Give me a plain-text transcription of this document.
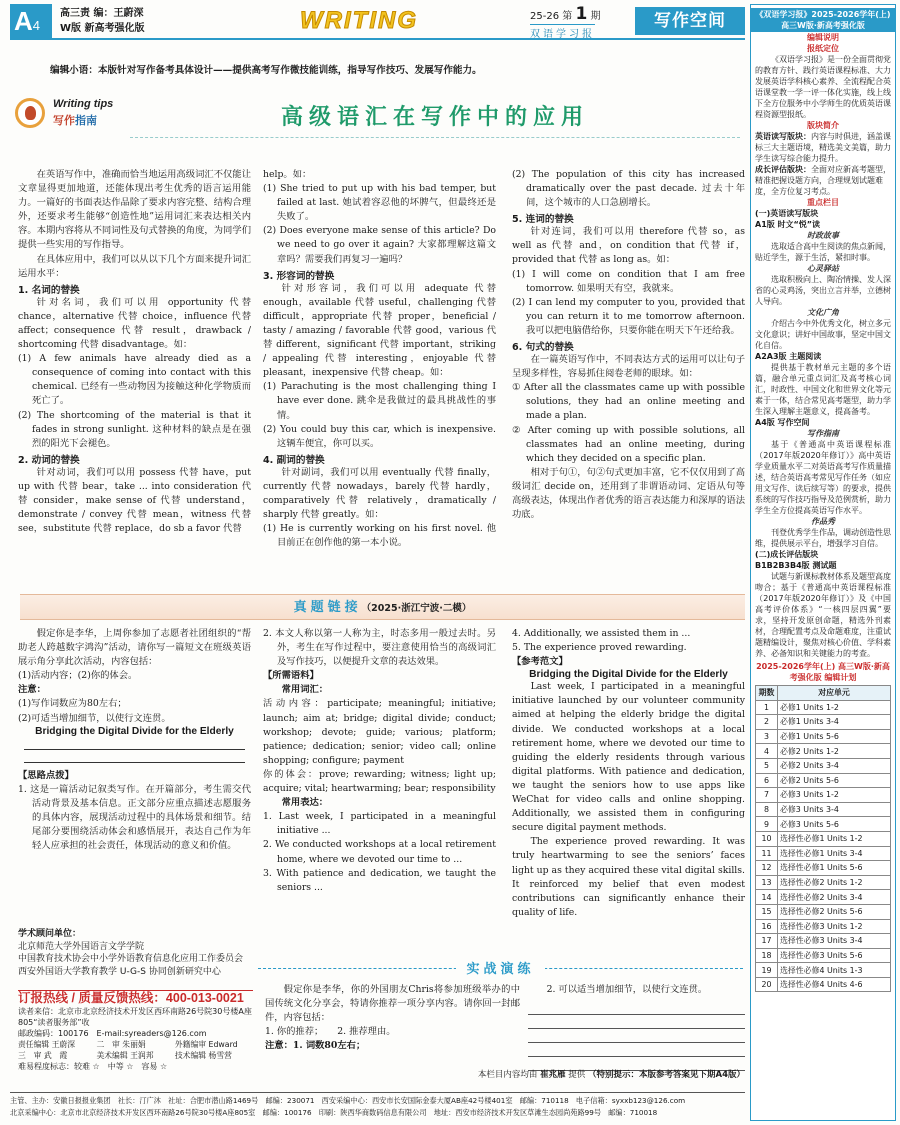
A4
高三责 编：王蔚深
W版 新高考强化版	WRITING	25-26 第 1 期
双语学习报
写作空间
编辑小语：本版针对写作备考具体设计——提供高考写作微技能训练，指导写作技巧、发展写作能力。
Writing tips
写作指南	高级语汇在写作中的应用

在英语写作中，准确而恰当地运用高级词汇不仅能让文章显得更加地道，还能体现出考生优秀的语言运用能力。一篇好的书面表达作品除了要求内容完整、结构合理外，还要求考生能够“创造性地”运用词汇来表达相关内容。本期内容将从不同词性及句式替换的角度，为同学们提供一些实用的写作指导。

在具体应用中，我们可以从以下几个方面来提升词汇运用水平：

1. 名词的替换

针对名词，我们可以用 opportunity 代替 chance，alternative 代替 choice，influence 代替 affect；consequence 代替 result，drawback / shortcoming 代替 disadvantage。如：

(1) A few animals have already died as a consequence of coming into contact with this chemical. 已经有一些动物因为接触这种化学物质而死亡了。

(2) The shortcoming of the material is that it fades in strong sunlight. 这种材料的缺点是在强烈的阳光下会褪色。

2. 动词的替换

针对动词，我们可以用 possess 代替 have，put up with 代替 bear，take ... into consideration 代替 consider，make sense of 代替 understand，demonstrate / convey 代替 mean，witness 代替 see，substitute 代替 replace，do sb a favor 代替

help。如：

(1) She tried to put up with his bad temper, but failed at last. 她试着容忍他的坏脾气，但最终还是失败了。

(2) Does everyone make sense of this article? Do we need to go over it again? 大家都理解这篇文章吗？需要我们再复习一遍吗？

3. 形容词的替换

针对形容词，我们可以用 adequate 代替 enough，available 代替 useful，challenging 代替 difficult，appropriate 代替 proper，beneficial / tasty / amazing / favorable 代替 good，various 代替 different，significant 代替 important，striking / appealing 代替 interesting，enjoyable 代替 pleasant，inexpensive 代替 cheap。如：

(1) Parachuting is the most challenging thing I have ever done. 跳伞是我做过的最具挑战性的事情。

(2) You could buy this car, which is inexpensive. 这辆车便宜，你可以买。

4. 副词的替换

针对副词，我们可以用 eventually 代替 finally，currently 代替 nowadays，barely 代替 hardly，comparatively 代替 relatively，dramatically / sharply 代替 greatly。如：

(1) He is currently working on his first novel. 他目前正在创作他的第一本小说。

(2) The population of this city has increased dramatically over the past decade. 过去十年间，这个城市的人口急剧增长。

5. 连词的替换

针对连词，我们可以用 therefore 代替 so，as well as 代替 and，on condition that 代替 if，provided that 代替 as long as。如：

(1) I will come on condition that I am free tomorrow. 如果明天有空，我就来。

(2) I can lend my computer to you, provided that you can return it to me tomorrow afternoon. 我可以把电脑借给你，只要你能在明天下午还给我。

6. 句式的替换

在一篇英语写作中，不同表达方式的运用可以让句子呈现多样性，容易抓住阅卷老师的眼球。如：

① After all the classmates came up with possible solutions, they had an online meeting and made a plan.

② After coming up with possible solutions, all classmates had an online meeting, during which they decided on a specific plan.

相对于句①，句②句式更加丰富，它不仅仅用到了高级词汇 decide on，还用到了非谓语动词、定语从句等高级表达，体现出作者优秀的语言表达能力和深厚的语法功底。

真题链接（2025·浙江宁波·二模）

假定你是李华，上周你参加了志愿者社团组织的“帮助老人跨越数字鸿沟”活动，请你写一篇短文在班级英语展示角分享此次活动，内容包括：

(1)活动内容；(2)你的体会。

注意：

(1)写作词数应为80左右；

(2)可适当增加细节，以使行文连贯。

Bridging the Digital Divide for the Elderly

【思路点拨】

1. 这是一篇活动记叙类写作。在开篇部分，考生需交代活动背景及基本信息。正文部分应重点描述志愿服务的具体内容，展现活动过程中的具体场景和细节。结尾部分要围绕活动体会和感悟展开，表达自己作为年轻人应承担的社会责任，体现活动的意义和价值。

2. 本文人称以第一人称为主，时态多用一般过去时。另外，考生在写作过程中，要注意使用恰当的高级词汇及写作技巧，以便提升文章的表达效果。

【所需语料】

常用词汇：

活动内容：participate; meaningful; initiative; launch; aim at; bridge; digital divide; conduct; workshop; devote; guide; various; platform; patience; dedication; senior; video call; online shopping; configure; payment

你的体会：prove; rewarding; witness; light up; acquire; vital; heartwarming; bear; responsibility

常用表达：

1. Last week, I participated in a meaningful initiative ...

2. We conducted workshops at a local retirement home, where we devoted our time to ...

3. With patience and dedication, we taught the seniors ...

4. Additionally, we assisted them in ...

5. The experience proved rewarding.

【参考范文】

Bridging the Digital Divide for the Elderly

Last week, I participated in a meaningful initiative launched by our volunteer community aimed at helping the elderly bridge the digital divide. We conducted workshops at a local retirement home, where we devoted our time to guiding the elderly residents through various digital platforms. With patience and dedication, we taught the seniors how to use apps like WeChat for video calls and online shopping. Additionally, we assisted them in configuring secure digital payment methods.

The experience proved rewarding. It was truly heartwarming to see the seniors’ faces light up as they acquired these vital digital skills. It reinforced my belief that even modest contributions can significantly enhance their quality of life.

学术顾问单位：
北京师范大学外国语言文学学院
中国教育技术协会中小学外语教育信息化应用工作委员会
西安外国语大学教育教学 U-G-S 协同创新研究中心
订报热线 / 质量反馈热线：400-013-0021
读者来信：北京市北京经济技术开发区西环南路26号院30号楼A座805“读者服务部”收
邮政编码：100176　 E-mail:syreaders@126.com
责任编辑 王蔚深	二　审 朱丽娟	外籍编审 Edward
三　审 武　霞	美术编辑 王润邦	技术编辑 杨雪营
难易程度标志：较难 ☆　中等 ☆　容易 ☆
实战演练

假定你是李华，你的外国朋友Chris将参加班级举办的中国传统文化分享会，特请你推荐一项分享内容。请你回一封邮件，内容包括：

1. 你的推荐；　　2. 推荐理由。

注意：1. 词数80左右；

2. 可以适当增加细节，以使行文连贯。

本栏目内容均由 崔兆雁 提供 （特别提示：本版参考答案见下期A4版）
主管、主办：安徽日报报业集团　社长：汀广沐　社址：合肥市潜山路1469号　邮编：230071　西安采编中心：西安市长安国际金泰大厦AB座42号楼401室　邮编：710118　电子信箱：syxxb123@126.com
北京采编中心：北京市北京经济技术开发区西环南路26号院30号楼A座805室　邮编：100176　印刷：陕西华商数码信息有限公司　地址：西安市经济技术开发区草滩生态园尚苑路99号　邮编：710018
《双语学习报》2025-2026学年(上) 高三W版·新高考强化版
编辑说明
报纸定位

《双语学习报》是一份全面贯彻党的教育方针、践行英语课程标准、大力发展英语学科核心素养、全流程配合英语课堂教一学一评一体化实施，线上线下全方位服务中小学师生的优质英语课程资源型报纸。

版块简介
英语读写版块：内容与时俱进，涵盖课标三大主题语境，精选美文美篇，助力学生读写综合能力提升。
成长评估版块：全面对应新高考题型，精准把握设题方向，合理规划试题难度，全方位复习考点。
重点栏目
(一)英语读写版块
A1版 时文“悦”读
时政故事

选取适合高中生阅读的焦点新闻，贴近学生，源于生活，紧扣时事。

心灵驿站

选取积极向上、陶冶情操、发人深省的心灵鸡汤，突出立言并举，立德树人导向。

文化广角

介绍古今中外优秀文化，树立多元文化意识；讲好中国故事，坚定中国文化自信。

A2A3版 主题阅读

提供基于教材单元主题的多个语篇，融合单元重点词汇及高考核心词汇，时政性、中国文化和世界文化等元素于一体，结合常见高考题型，助力学生深入理解主题意义，提高备考。

A4版 写作空间
写作指南

基于《普通高中英语课程标准（2017年版2020年修订）》高中英语学业质量水平二对英语高考写作质量描述，结合英语高考常见写作任务（如应用文写作、读后续写等）的要求，提供系统的写作技巧指导及范例赏析，助力学生全方位提高英语写作水平。

作品秀

刊登优秀学生作品，调动创造性思维，提供展示平台，增强学习自信。

(二)成长评估版块
B1B2B3B4版 测试题

试题与新课标教材体系及题型高度吻合；基于《普通高中英语课程标准（2017年版2020年修订）》及《中国高考评价体系》“一核四层四翼”要求，坚持开发原创命题，精选外刊素材，合理配置考点及命题难度，注重试题精编设计，聚焦对核心价值、学科素养、必备知识和关键能力的考查。

2025-2026学年(上) 高三W版·新高考强化版 编辑计划
期数	对应单元
1	必修1 Units 1-2
2	必修1 Units 3-4
3	必修1 Units 5-6
4	必修2 Units 1-2
5	必修2 Units 3-4
6	必修2 Units 5-6
7	必修3 Units 1-2
8	必修3 Units 3-4
9	必修3 Units 5-6
10	选择性必修1 Units 1-2
11	选择性必修1 Units 3-4
12	选择性必修1 Units 5-6
13	选择性必修2 Units 1-2
14	选择性必修2 Units 3-4
15	选择性必修2 Units 5-6
16	选择性必修3 Units 1-2
17	选择性必修3 Units 3-4
18	选择性必修3 Units 5-6
19	选择性必修4 Units 1-3
20	选择性必修4 Units 4-6
